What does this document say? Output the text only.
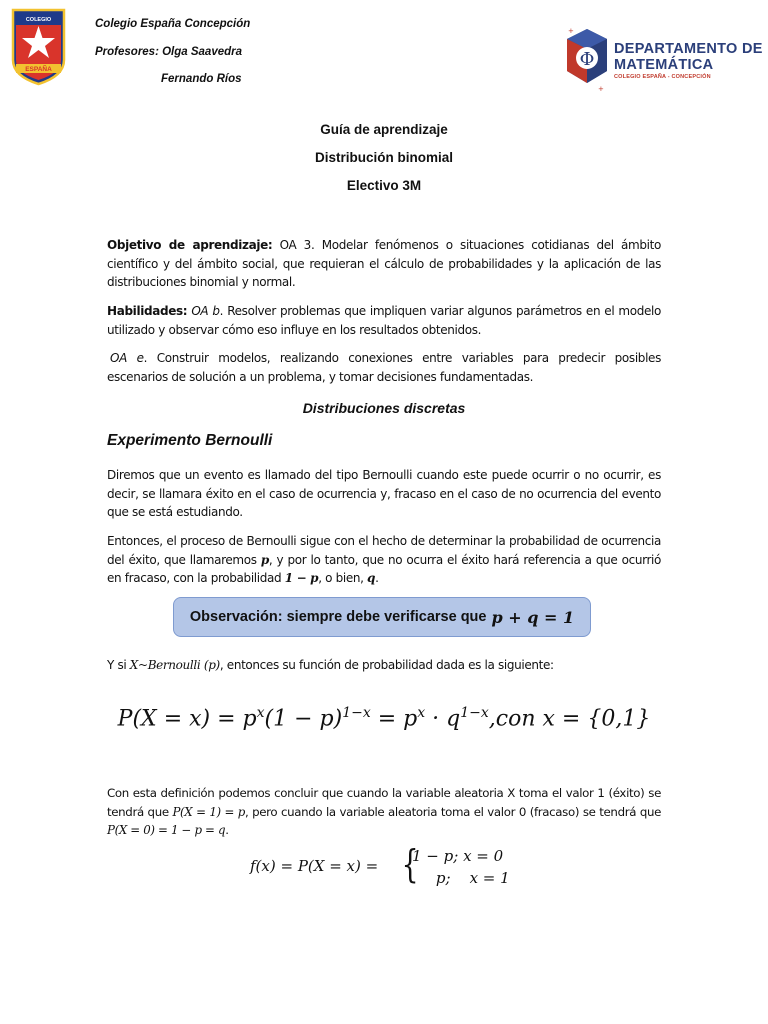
COLEGIO
ESPAÑA
Colegio España Concepción
Profesores: Olga Saavedra
Fernando Ríos
Φ
+
+
DEPARTAMENTO DE
MATEMÁTICA
COLEGIO ESPAÑA - CONCEPCIÓN
Guía de aprendizaje
Distribución binomial
Electivo 3M
Objetivo de aprendizaje: OA 3. Modelar fenómenos o situaciones cotidianas del ámbito científico y del ámbito social, que requieran el cálculo de probabilidades y la aplicación de las distribuciones binomial y normal.
Habilidades: OA b. Resolver problemas que impliquen variar algunos parámetros en el modelo utilizado y observar cómo eso influye en los resultados obtenidos.
OA e. Construir modelos, realizando conexiones entre variables para predecir posibles escenarios de solución a un problema, y tomar decisiones fundamentadas.
Distribuciones discretas
Experimento Bernoulli
Diremos que un evento es llamado del tipo Bernoulli cuando este puede ocurrir o no ocurrir, es decir, se llamara éxito en el caso de ocurrencia y, fracaso en el caso de no ocurrencia del evento que se está estudiando.
Entonces, el proceso de Bernoulli sigue con el hecho de determinar la probabilidad de ocurrencia del éxito, que llamaremos p, y por lo tanto, que no ocurra el éxito hará referencia a que ocurrió en fracaso, con la probabilidad 1 − p, o bien, q.
Observación: siempre debe verificarse que p + q = 1
Y si X~Bernoulli (p), entonces su función de probabilidad dada es la siguiente:
$P(X = x) = p^x(1 - p)^{1-x} = p^x \cdot q^{1-x},con$ x = {0,1}
Con esta definición podemos concluir que cuando la variable aleatoria X toma el valor 1 (éxito) se tendrá que P(X = 1) = p, pero cuando la variable aleatoria toma el valor 0 (fracaso) se tendrá que P(X = 0) = 1 − p = q.
f(x) = P(X = x) = {
1 − p; x = 0
p;    x = 1
